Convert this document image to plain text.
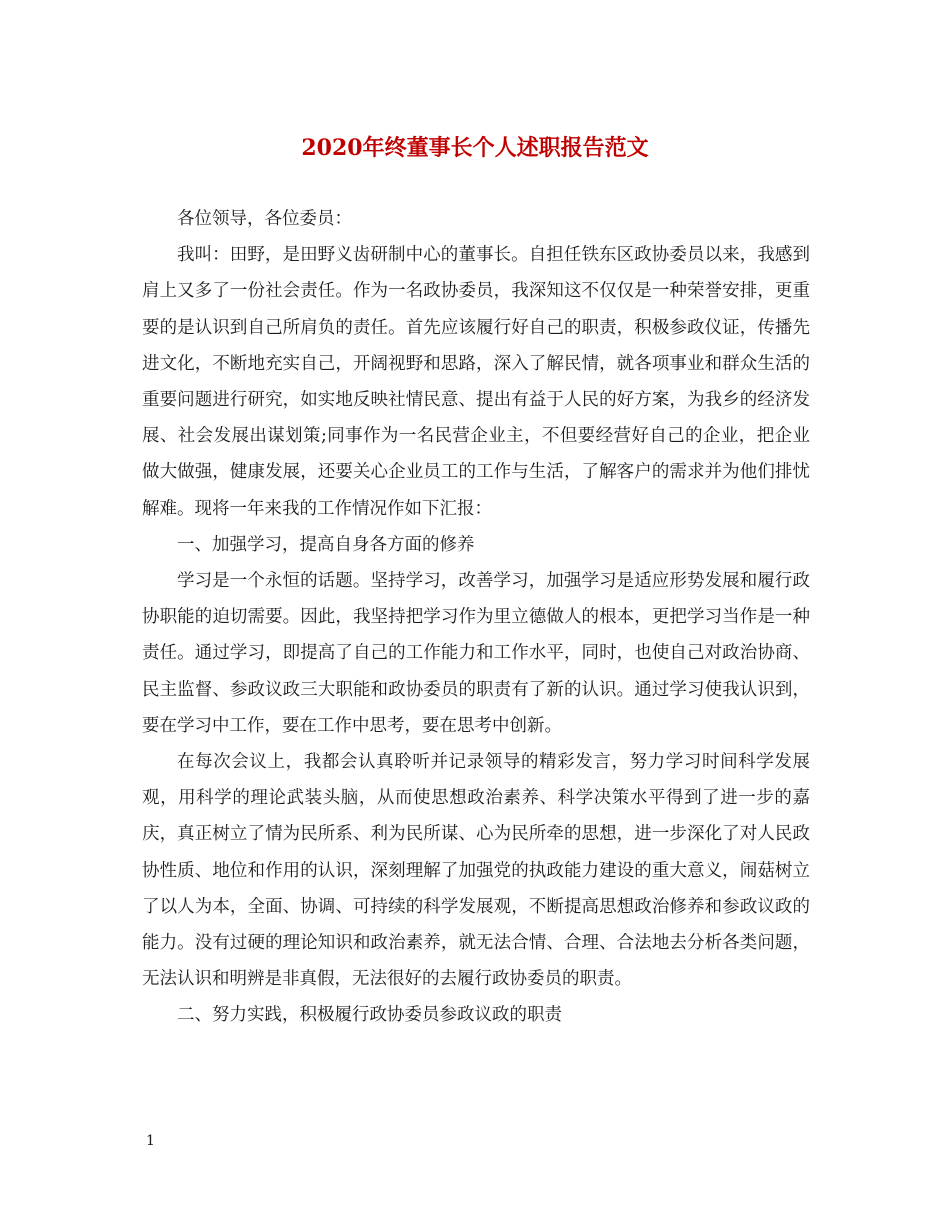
2020年终董事长个人述职报告范文

各位领导，各位委员：

我叫：田野，是田野义齿研制中心的董事长。自担任铁东区政协委员以来，我感到肩上又多了一份社会责任。作为一名政协委员，我深知这不仅仅是一种荣誉安排，更重要的是认识到自己所肩负的责任。首先应该履行好自己的职责，积极参政仪证，传播先进文化，不断地充实自己，开阔视野和思路，深入了解民情，就各项事业和群众生活的重要问题进行研究，如实地反映社情民意、提出有益于人民的好方案，为我乡的经济发展、社会发展出谋划策;同事作为一名民营企业主，不但要经营好自己的企业，把企业做大做强，健康发展，还要关心企业员工的工作与生活，了解客户的需求并为他们排忧解难。现将一年来我的工作情况作如下汇报：

一、加强学习，提高自身各方面的修养

学习是一个永恒的话题。坚持学习，改善学习，加强学习是适应形势发展和履行政协职能的迫切需要。因此，我坚持把学习作为里立德做人的根本，更把学习当作是一种责任。通过学习，即提高了自己的工作能力和工作水平，同时，也使自己对政治协商、民主监督、参政议政三大职能和政协委员的职责有了新的认识。通过学习使我认识到，要在学习中工作，要在工作中思考，要在思考中创新。

在每次会议上，我都会认真聆听并记录领导的精彩发言，努力学习时间科学发展观，用科学的理论武装头脑，从而使思想政治素养、科学决策水平得到了进一步的嘉庆，真正树立了情为民所系、利为民所谋、心为民所牵的思想，进一步深化了对人民政协性质、地位和作用的认识，深刻理解了加强党的执政能力建设的重大意义，闹菇树立了以人为本，全面、协调、可持续的科学发展观，不断提高思想政治修养和参政议政的能力。没有过硬的理论知识和政治素养，就无法合情、合理、合法地去分析各类问题，无法认识和明辨是非真假，无法很好的去履行政协委员的职责。

二、努力实践，积极履行政协委员参政议政的职责

1
